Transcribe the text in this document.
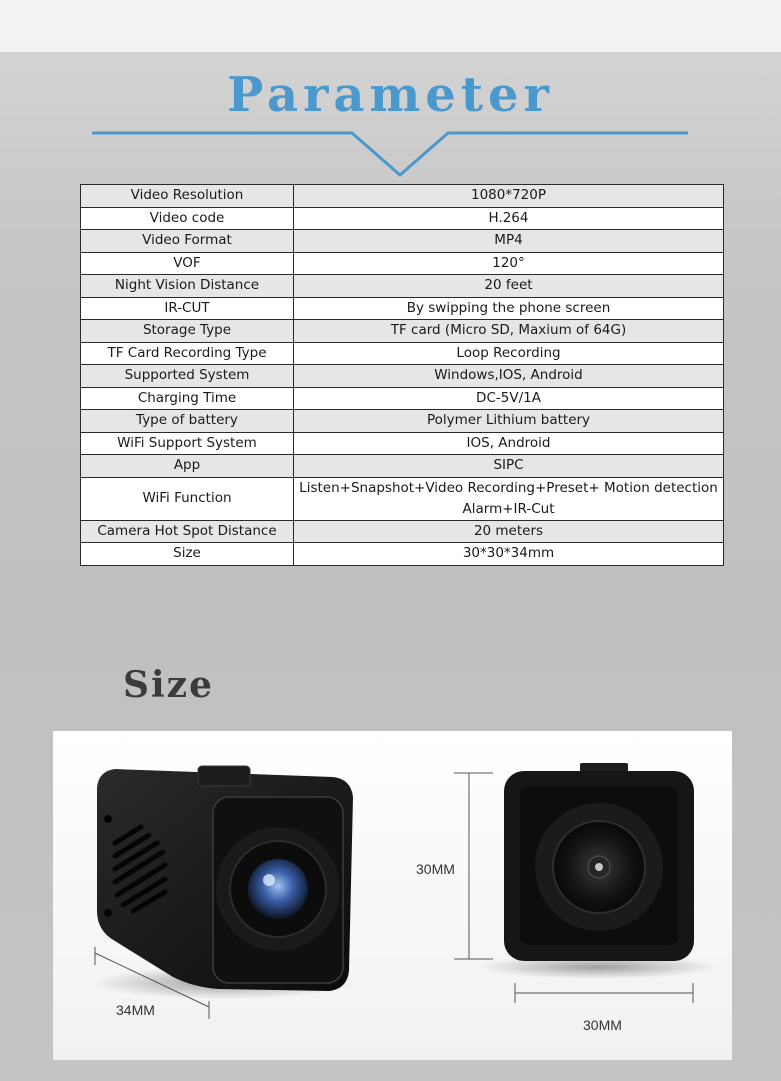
Parameter
Video Resolution	1080*720P
Video code	H.264
Video Format	MP4
VOF	120°
Night Vision Distance	20 feet
IR-CUT	By swipping the phone screen
Storage Type	TF card (Micro SD, Maxium of 64G)
TF Card Recording Type	Loop Recording
Supported System	Windows,IOS, Android
Charging Time	DC-5V/1A
Type of battery	Polymer Lithium battery
WiFi Support System	IOS, Android
App	SIPC
WiFi Function	Listen+Snapshot+Video Recording+Preset+ Motion detection
Alarm+IR-Cut

Camera Hot Spot Distance	20 meters
Size	30*30*34mm
Size
34MM
30MM
30MM
